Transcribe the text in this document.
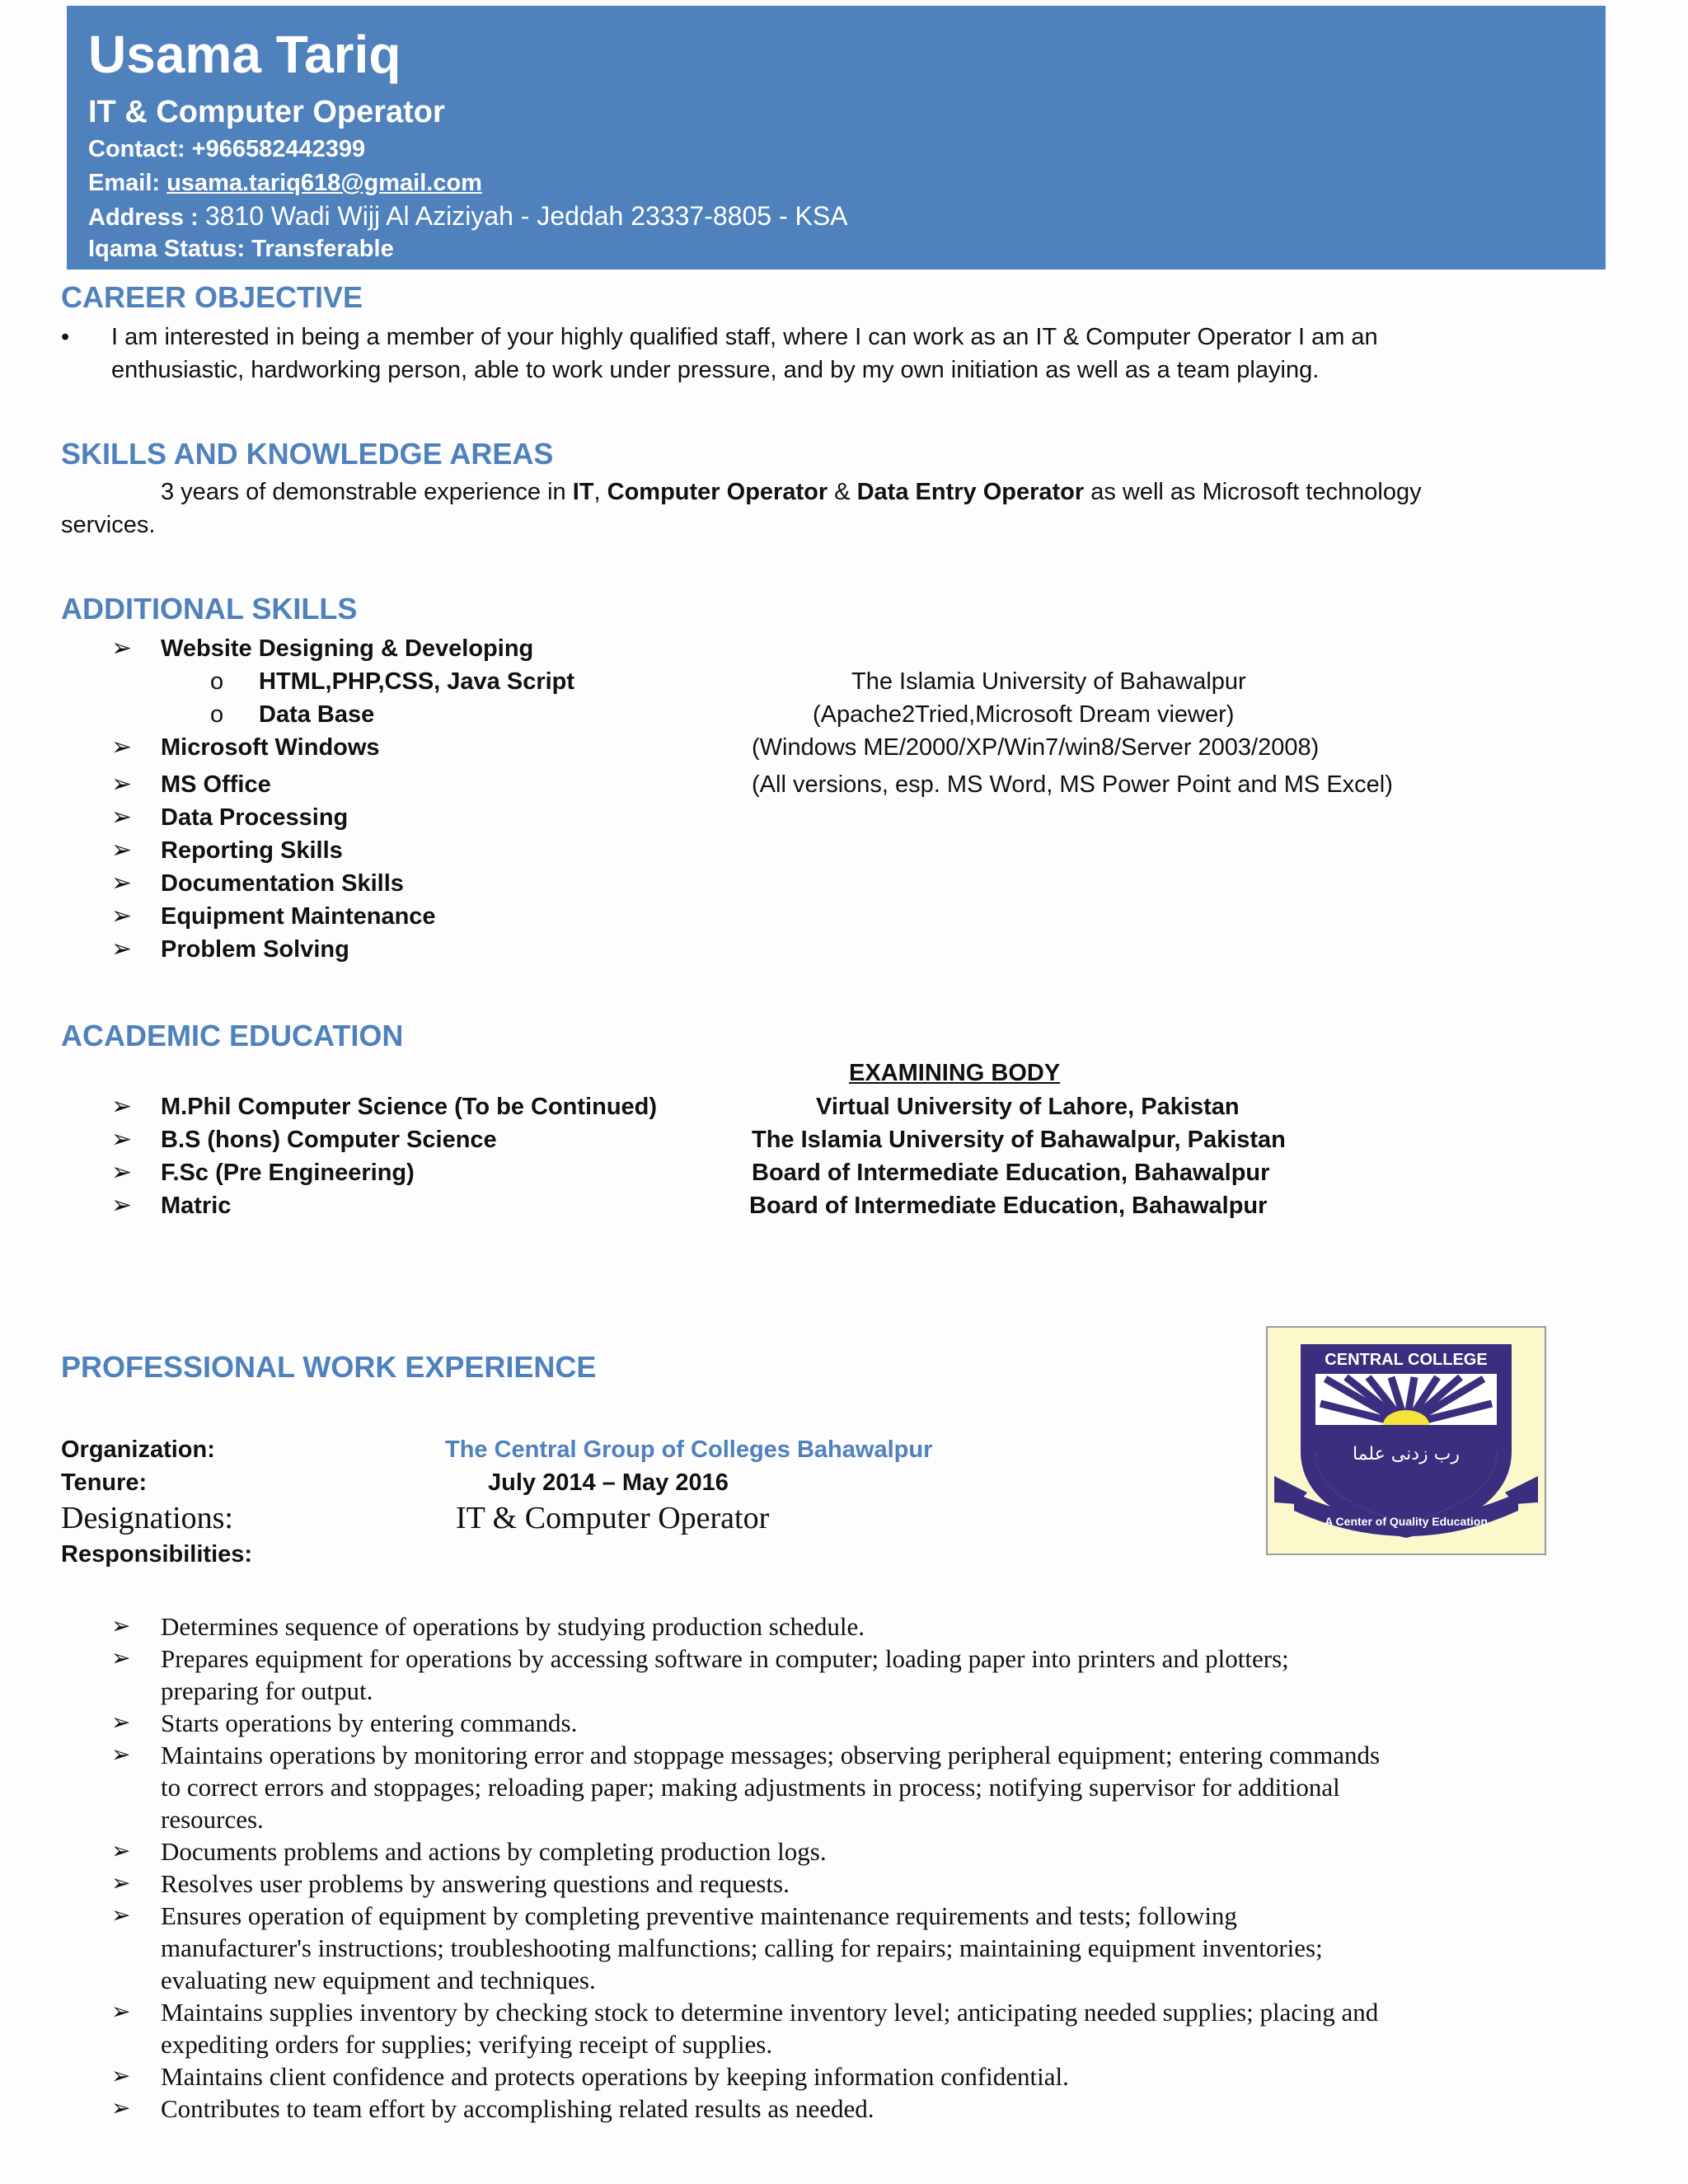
Usama Tariq
IT & Computer Operator
Contact: +966582442399
Email: usama.tariq618@gmail.com
Address : 3810 Wadi Wijj Al Aziziyah - Jeddah 23337-8805 - KSA
Iqama Status: Transferable
CAREER OBJECTIVE
• I am interested in being a member of your highly qualified staff, where I can work as an IT & Computer Operator I am an
enthusiastic, hardworking person, able to work under pressure, and by my own initiation as well as a team playing.
SKILLS AND KNOWLEDGE AREAS
3 years of demonstrable experience in IT, Computer Operator & Data Entry Operator as well as Microsoft technology
services.
ADDITIONAL SKILLS
➢ Website Designing & Developing
o HTML,PHP,CSS, Java Script	The Islamia University of Bahawalpur
o Data Base	(Apache2Tried,Microsoft Dream viewer)
➢ Microsoft Windows	(Windows ME/2000/XP/Win7/win8/Server 2003/2008)
➢ MS Office	(All versions, esp. MS Word, MS Power Point and MS Excel)
➢ Data Processing
➢ Reporting Skills
➢ Documentation Skills
➢ Equipment Maintenance
➢ Problem Solving
ACADEMIC EDUCATION
EXAMINING BODY
➢ M.Phil Computer Science (To be Continued)	Virtual University of Lahore, Pakistan
➢ B.S (hons) Computer Science	The Islamia University of Bahawalpur, Pakistan
➢ F.Sc (Pre Engineering)	Board of Intermediate Education, Bahawalpur
➢ Matric	Board of Intermediate Education, Bahawalpur
PROFESSIONAL WORK EXPERIENCE
Organization:	The Central Group of Colleges Bahawalpur
Tenure:	July 2014 – May 2016
Designations:	IT & Computer Operator
Responsibilities:
CENTRAL COLLEGE
رب زدنی علما
A Center of Quality Education
➢ Determines sequence of operations by studying production schedule.
➢ Prepares equipment for operations by accessing software in computer; loading paper into printers and plotters;
preparing for output.
➢ Starts operations by entering commands.
➢ Maintains operations by monitoring error and stoppage messages; observing peripheral equipment; entering commands
to correct errors and stoppages; reloading paper; making adjustments in process; notifying supervisor for additional
resources.
➢ Documents problems and actions by completing production logs.
➢ Resolves user problems by answering questions and requests.
➢ Ensures operation of equipment by completing preventive maintenance requirements and tests; following
manufacturer's instructions; troubleshooting malfunctions; calling for repairs; maintaining equipment inventories;
evaluating new equipment and techniques.
➢ Maintains supplies inventory by checking stock to determine inventory level; anticipating needed supplies; placing and
expediting orders for supplies; verifying receipt of supplies.
➢ Maintains client confidence and protects operations by keeping information confidential.
➢ Contributes to team effort by accomplishing related results as needed.
